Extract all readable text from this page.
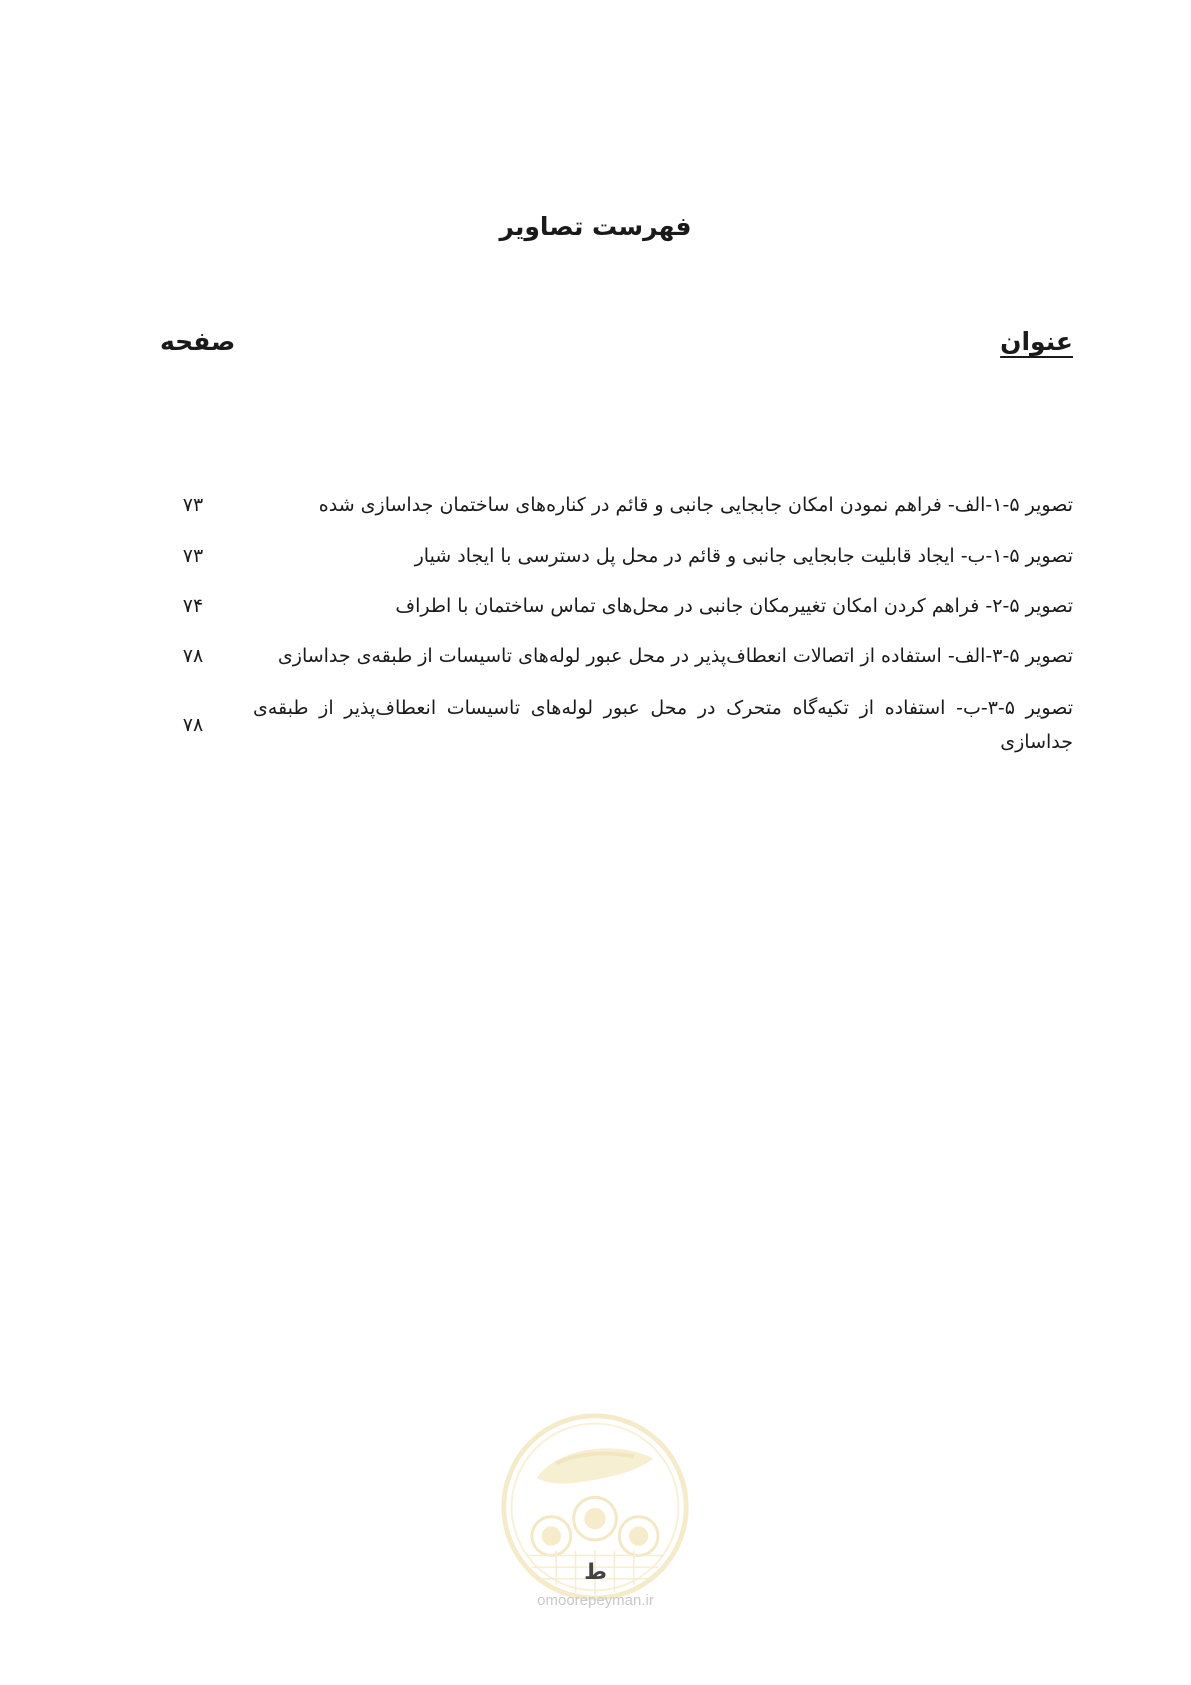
فهرست تصاویر
عنوان
صفحه
تصویر ۵-۱-الف- فراهم نمودن امکان جابجایی جانبی و قائم در کناره‌های ساختمان جداسازی شده
۷۳
تصویر ۵-۱-ب- ایجاد قابلیت جابجایی جانبی و قائم در محل پل دسترسی با ایجاد شیار
۷۳
تصویر ۵-۲- فراهم کردن امکان تغییرمکان جانبی در محل‌های تماس ساختمان با اطراف
۷۴
تصویر ۵-۳-الف- استفاده از اتصالات انعطاف‌پذیر در محل عبور لوله‌های تاسیسات از طبقه‌ی جداسازی
۷۸
تصویر ۵-۳-ب- استفاده از تکیه‌گاه متحرک در محل عبور لوله‌های تاسیسات انعطاف‌پذیر از طبقه‌ی جداسازی
۷۸
ط
omoorepeyman.ir
